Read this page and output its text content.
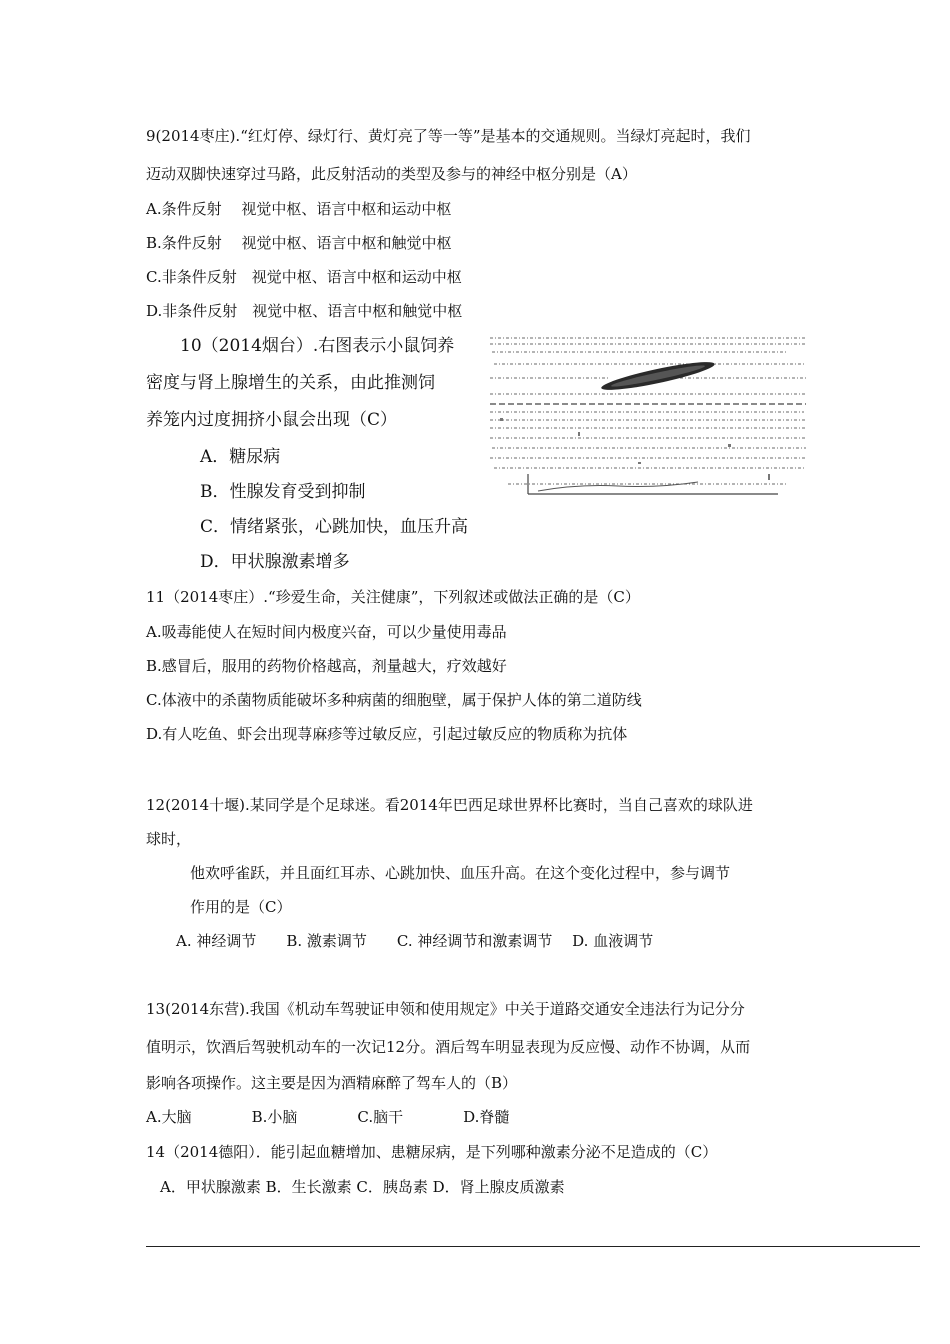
9(2014枣庄).“红灯停、绿灯行、黄灯亮了等一等”是基本的交通规则。当绿灯亮起时，我们
迈动双脚快速穿过马路，此反射活动的类型及参与的神经中枢分别是（A）
A.条件反射　 视觉中枢、语言中枢和运动中枢
B.条件反射　 视觉中枢、语言中枢和触觉中枢
C.非条件反射　视觉中枢、语言中枢和运动中枢
D.非条件反射　视觉中枢、语言中枢和触觉中枢
10（2014烟台）.右图表示小鼠饲养
密度与肾上腺增生的关系，由此推测饲
养笼内过度拥挤小鼠会出现（C）
A．糖尿病
B．性腺发育受到抑制
C．情绪紧张，心跳加快，血压升高
D．甲状腺激素增多
11（2014枣庄）.“珍爱生命，关注健康”，下列叙述或做法正确的是（C）
A.吸毒能使人在短时间内极度兴奋，可以少量使用毒品
B.感冒后，服用的药物价格越高，剂量越大，疗效越好
C.体液中的杀菌物质能破坏多种病菌的细胞壁，属于保护人体的第二道防线
D.有人吃鱼、虾会出现荨麻疹等过敏反应，引起过敏反应的物质称为抗体
12(2014十堰).某同学是个足球迷。看2014年巴西足球世界杯比赛时，当自己喜欢的球队进
球时，
他欢呼雀跃，并且面红耳赤、心跳加快、血压升高。在这个变化过程中，参与调节
作用的是（C）
A. 神经调节　　B. 激素调节　　C. 神经调节和激素调节　 D. 血液调节
13(2014东营).我国《机动车驾驶证申领和使用规定》中关于道路交通安全违法行为记分分
值明示，饮酒后驾驶机动车的一次记12分。酒后驾车明显表现为反应慢、动作不协调，从而
影响各项操作。这主要是因为酒精麻醉了驾车人的（B）
A.大脑　　　　B.小脑　　　　C.脑干　　　　D.脊髓
14（2014德阳）．能引起血糖增加、患糖尿病，是下列哪种激素分泌不足造成的（C）
A．甲状腺激素 B．生长激素 C．胰岛素 D．肾上腺皮质激素
